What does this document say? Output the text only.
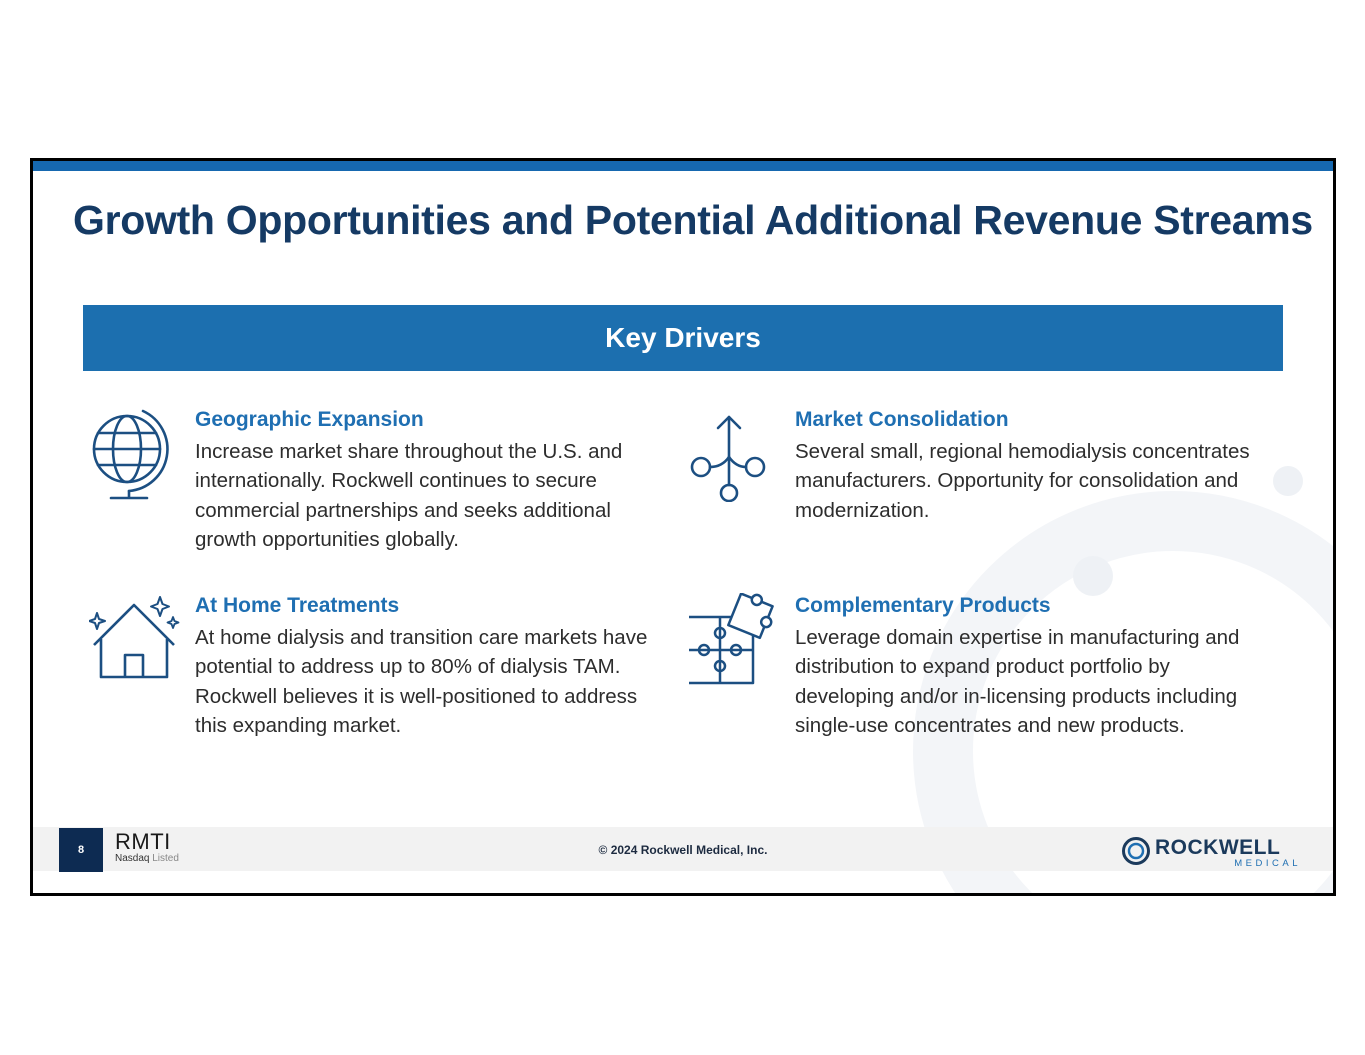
Growth Opportunities and Potential Additional Revenue Streams
Key Drivers
Geographic Expansion

Increase market share throughout the U.S. and internationally. Rockwell continues to secure commercial partnerships and seeks additional growth opportunities globally.

Market Consolidation

Several small, regional hemodialysis concentrates manufacturers. Opportunity for consolidation and modernization.

At Home Treatments

At home dialysis and transition care markets have potential to address up to 80% of dialysis TAM. Rockwell believes it is well-positioned to address this expanding market.

Complementary Products

Leverage domain expertise in manufacturing and distribution to expand product portfolio by developing and/or in-licensing products including single-use concentrates and new products.

8	RMTI
Nasdaq Listed
© 2024 Rockwell Medical, Inc.	ROCKWELL
MEDICAL
